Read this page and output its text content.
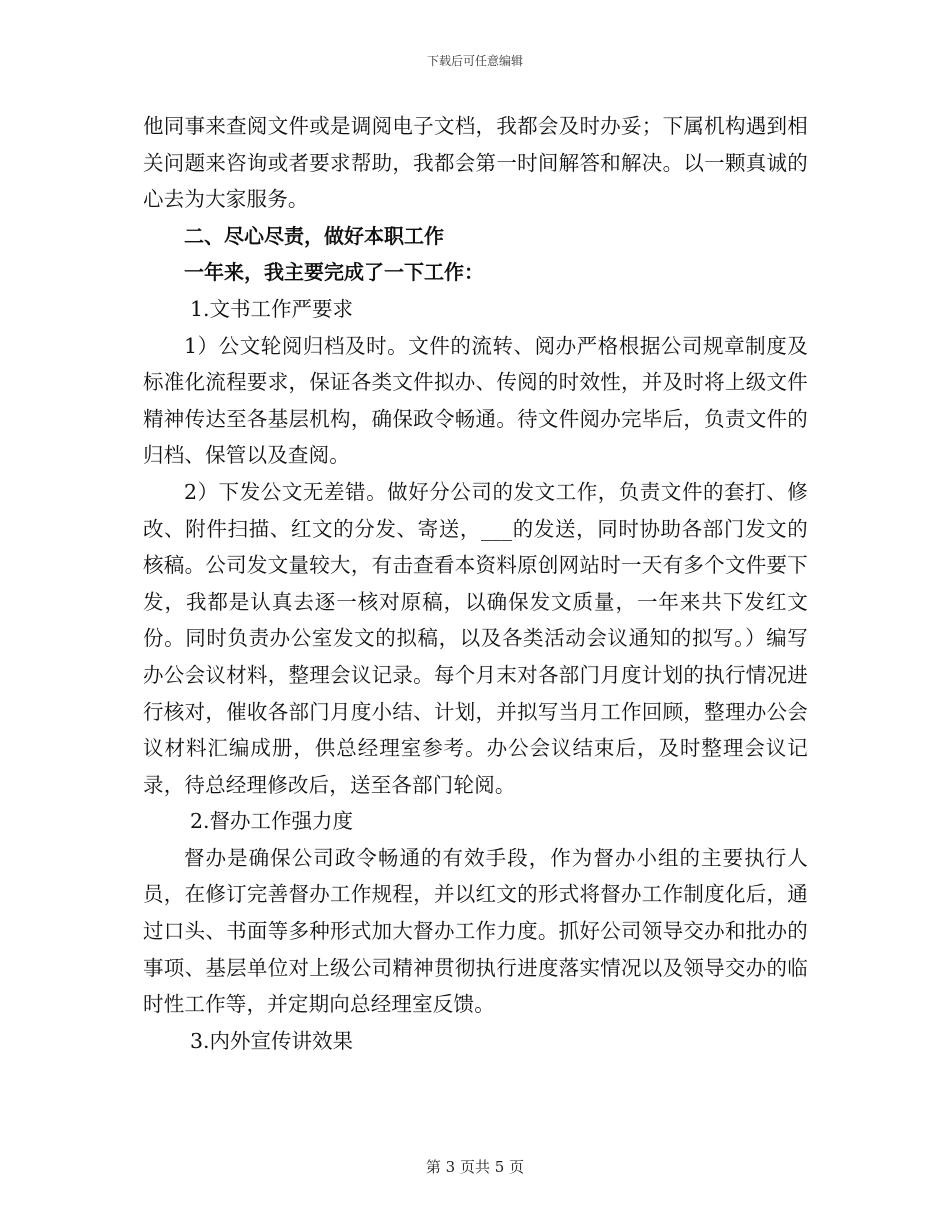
下载后可任意编辑

他同事来查阅文件或是调阅电子文档，我都会及时办妥；下属机构遇到相关问题来咨询或者要求帮助，我都会第一时间解答和解决。以一颗真诚的心去为大家服务。

二、尽心尽责，做好本职工作

一年来，我主要完成了一下工作：

1.文书工作严要求

1）公文轮阅归档及时。文件的流转、阅办严格根据公司规章制度及标准化流程要求，保证各类文件拟办、传阅的时效性，并及时将上级文件精神传达至各基层机构，确保政令畅通。待文件阅办完毕后，负责文件的归档、保管以及查阅。

2）下发公文无差错。做好分公司的发文工作，负责文件的套打、修改、附件扫描、红文的分发、寄送，___的发送，同时协助各部门发文的核稿。公司发文量较大，有击查看本资料原创网站时一天有多个文件要下发，我都是认真去逐一核对原稿，以确保发文质量，一年来共下发红文份。同时负责办公室发文的拟稿，以及各类活动会议通知的拟写。）编写办公会议材料，整理会议记录。每个月末对各部门月度计划的执行情况进行核对，催收各部门月度小结、计划，并拟写当月工作回顾，整理办公会议材料汇编成册，供总经理室参考。办公会议结束后，及时整理会议记录，待总经理修改后，送至各部门轮阅。

2.督办工作强力度

督办是确保公司政令畅通的有效手段，作为督办小组的主要执行人员，在修订完善督办工作规程，并以红文的形式将督办工作制度化后，通过口头、书面等多种形式加大督办工作力度。抓好公司领导交办和批办的事项、基层单位对上级公司精神贯彻执行进度落实情况以及领导交办的临时性工作等，并定期向总经理室反馈。

3.内外宣传讲效果

第 3 页共 5 页
